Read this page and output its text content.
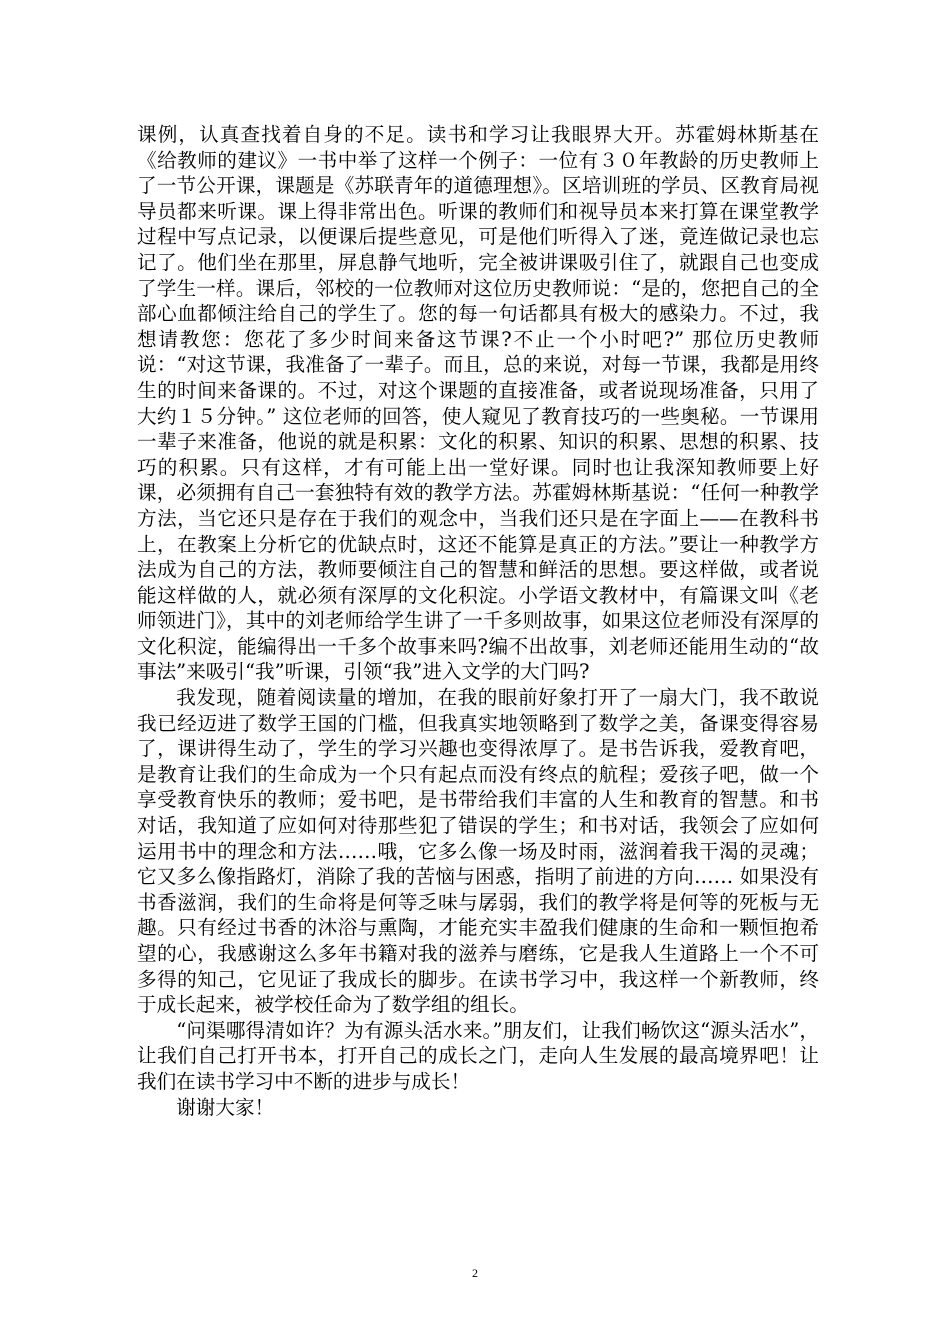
课例，认真查找着自身的不足。读书和学习让我眼界大开。苏霍姆林斯基在《给教师的建议》一书中举了这样一个例子：一位有３０年教龄的历史教师上了一节公开课，课题是《苏联青年的道德理想》。区培训班的学员、区教育局视导员都来听课。课上得非常出色。听课的教师们和视导员本来打算在课堂教学过程中写点记录，以便课后提些意见，可是他们听得入了迷，竟连做记录也忘记了。他们坐在那里，屏息静气地听，完全被讲课吸引住了，就跟自己也变成了学生一样。课后，邻校的一位教师对这位历史教师说：“是的，您把自己的全部心血都倾注给自己的学生了。您的每一句话都具有极大的感染力。不过，我想请教您：您花了多少时间来备这节课?不止一个小时吧?” 那位历史教师说：“对这节课，我准备了一辈子。而且，总的来说，对每一节课，我都是用终生的时间来备课的。不过，对这个课题的直接准备，或者说现场准备，只用了大约１５分钟。” 这位老师的回答，使人窥见了教育技巧的一些奥秘。一节课用一辈子来准备，他说的就是积累：文化的积累、知识的积累、思想的积累、技巧的积累。只有这样，才有可能上出一堂好课。同时也让我深知教师要上好课，必须拥有自己一套独特有效的教学方法。苏霍姆林斯基说：“任何一种教学方法，当它还只是存在于我们的观念中，当我们还只是在字面上——在教科书上，在教案上分析它的优缺点时，这还不能算是真正的方法。”要让一种教学方法成为自己的方法，教师要倾注自己的智慧和鲜活的思想。要这样做，或者说能这样做的人，就必须有深厚的文化积淀。小学语文教材中，有篇课文叫《老师领进门》，其中的刘老师给学生讲了一千多则故事，如果这位老师没有深厚的文化积淀，能编得出一千多个故事来吗?编不出故事，刘老师还能用生动的“故事法”来吸引“我”听课，引领“我”进入文学的大门吗?

我发现，随着阅读量的增加，在我的眼前好象打开了一扇大门，我不敢说我已经迈进了数学王国的门槛，但我真实地领略到了数学之美，备课变得容易了，课讲得生动了，学生的学习兴趣也变得浓厚了。是书告诉我，爱教育吧，是教育让我们的生命成为一个只有起点而没有终点的航程；爱孩子吧，做一个享受教育快乐的教师；爱书吧，是书带给我们丰富的人生和教育的智慧。和书对话，我知道了应如何对待那些犯了错误的学生；和书对话，我领会了应如何运用书中的理念和方法……哦，它多么像一场及时雨，滋润着我干渴的灵魂；它又多么像指路灯，消除了我的苦恼与困惑，指明了前进的方向…… 如果没有书香滋润，我们的生命将是何等乏味与孱弱，我们的教学将是何等的死板与无趣。只有经过书香的沐浴与熏陶，才能充实丰盈我们健康的生命和一颗恒抱希望的心，我感谢这么多年书籍对我的滋养与磨练，它是我人生道路上一个不可多得的知己，它见证了我成长的脚步。在读书学习中，我这样一个新教师，终于成长起来，被学校任命为了数学组的组长。

“问渠哪得清如许？为有源头活水来。”朋友们，让我们畅饮这“源头活水”，让我们自己打开书本，打开自己的成长之门，走向人生发展的最高境界吧！让我们在读书学习中不断的进步与成长！

谢谢大家！

2
